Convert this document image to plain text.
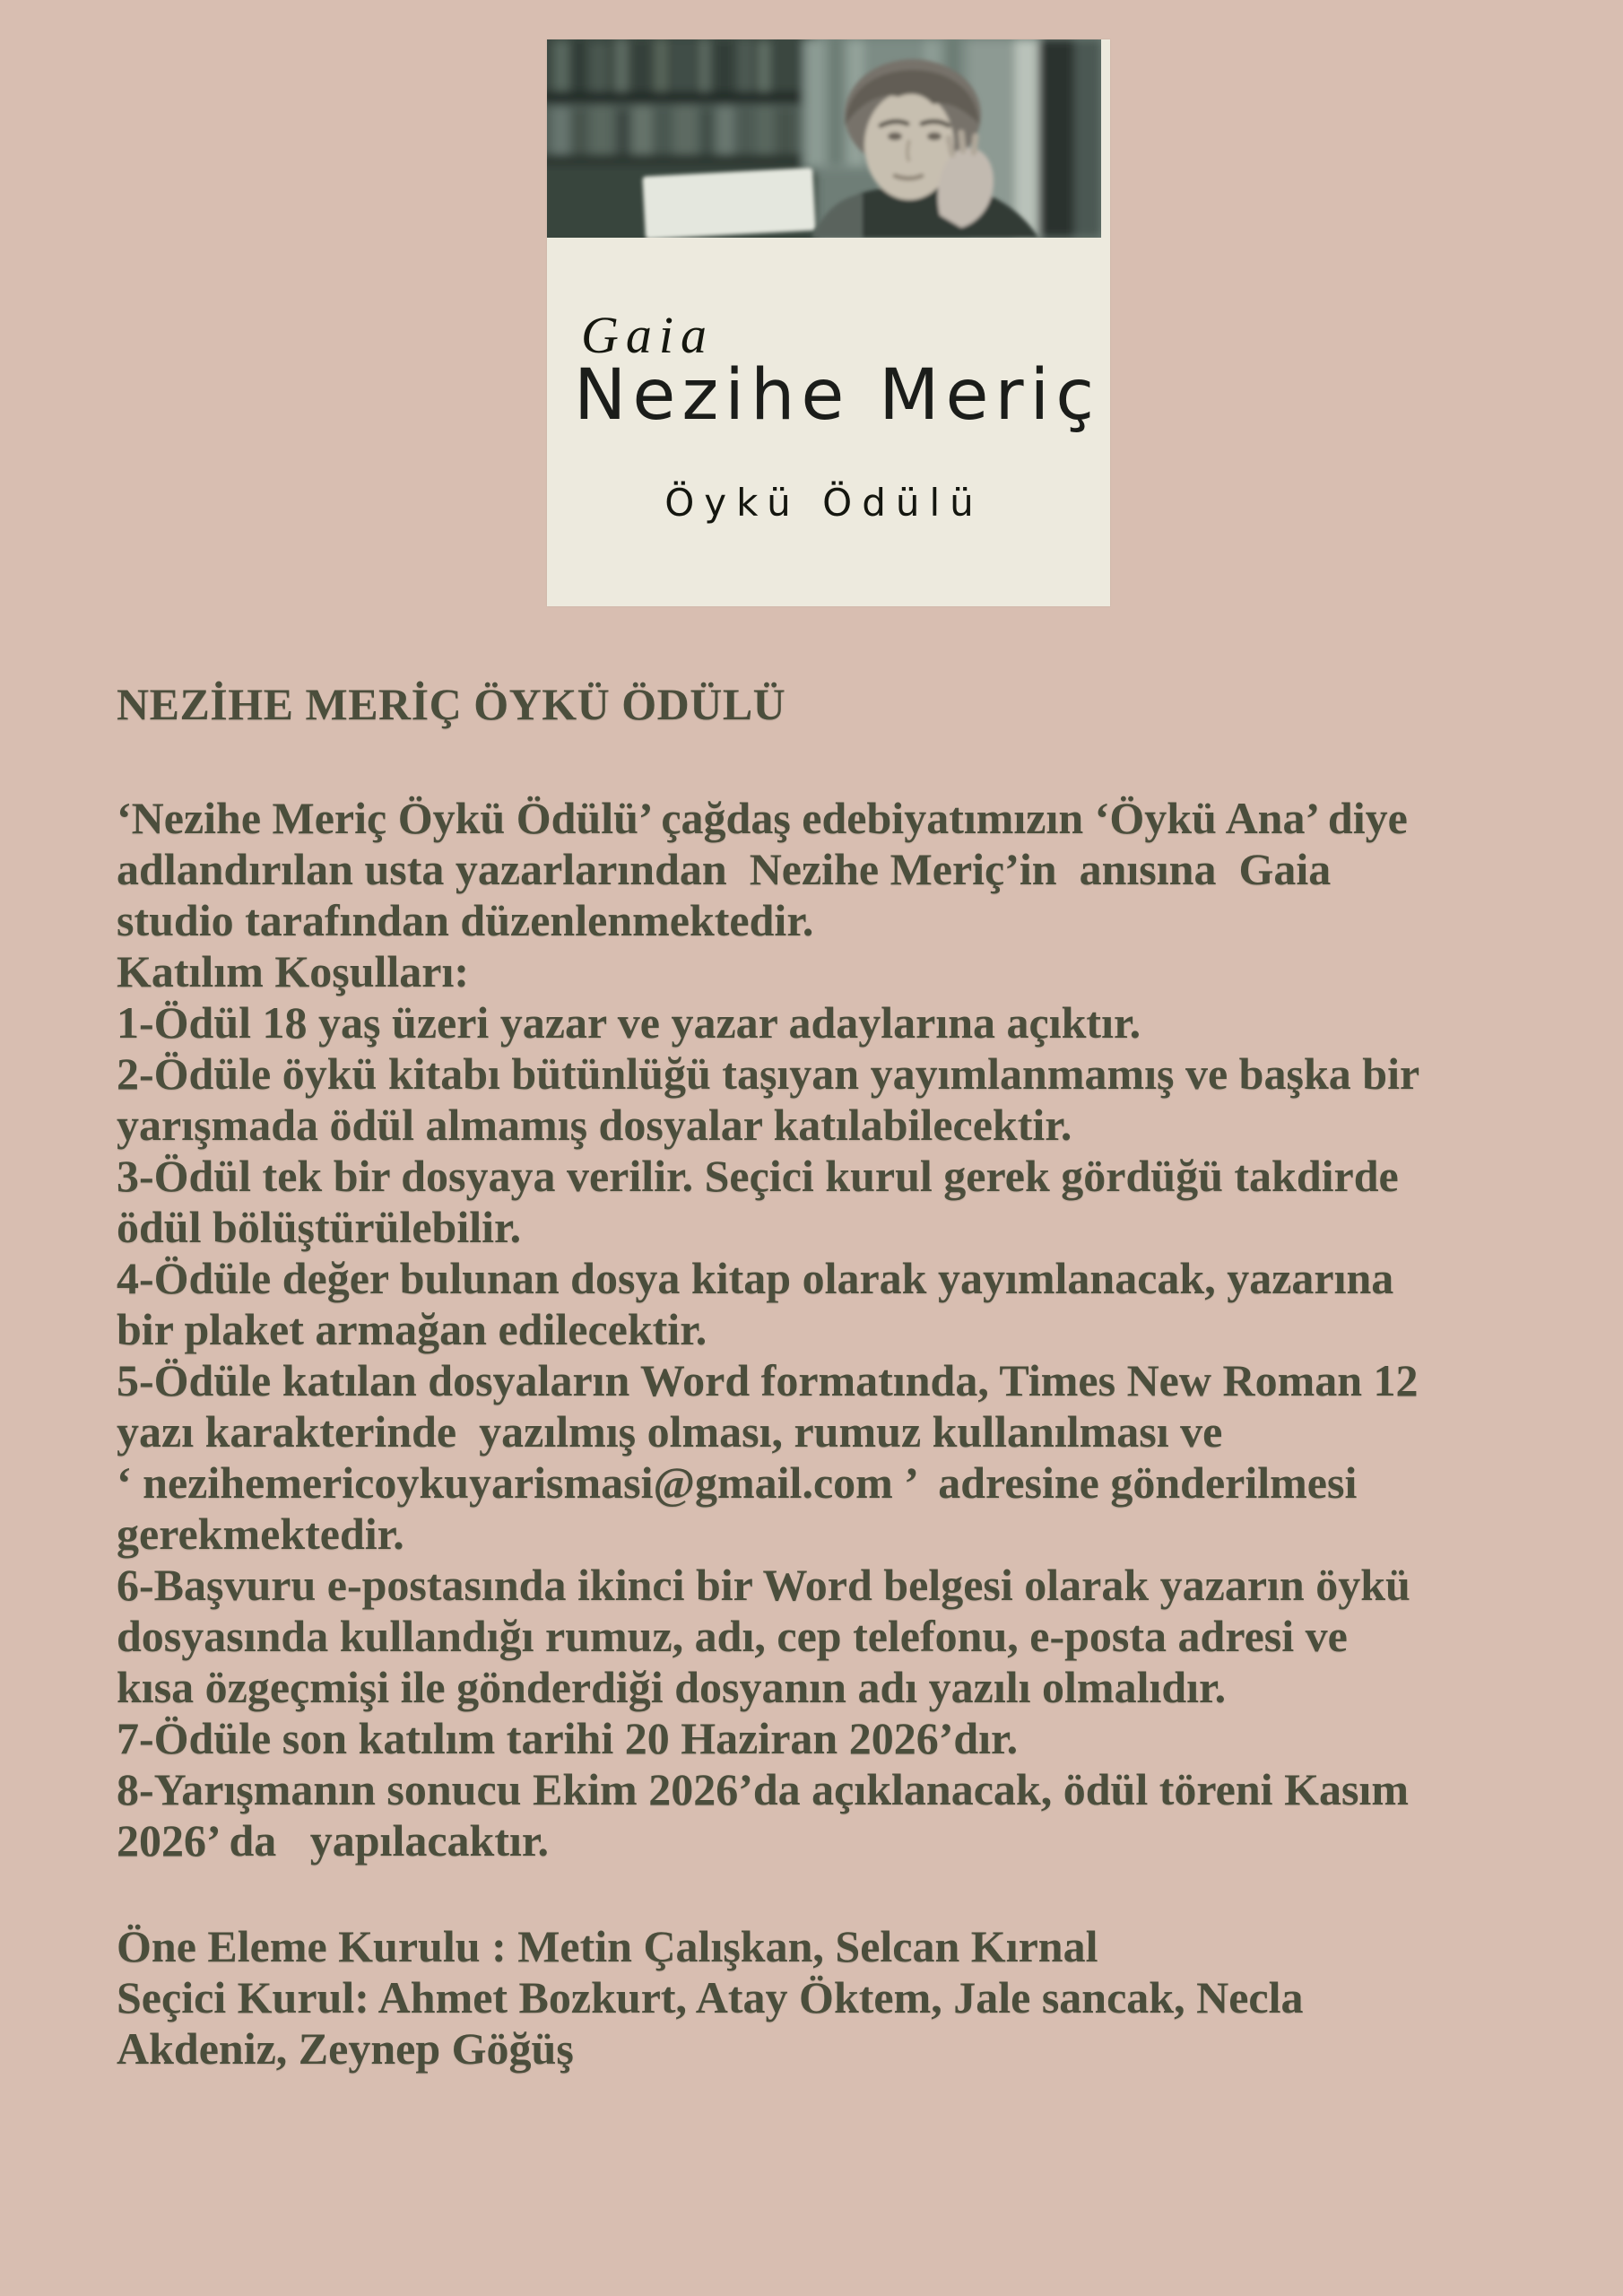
Gaia
Nezihe Meriç
Öykü Ödülü
NEZİHE MERİÇ ÖYKÜ ÖDÜLÜ
‘Nezihe Meriç Öykü Ödülü’ çağdaş edebiyatımızın ‘Öykü Ana’ diye
adlandırılan usta yazarlarından  Nezihe Meriç’in  anısına  Gaia
studio tarafından düzenlenmektedir.
Katılım Koşulları:
1-Ödül 18 yaş üzeri yazar ve yazar adaylarına açıktır.
2-Ödüle öykü kitabı bütünlüğü taşıyan yayımlanmamış ve başka bir
yarışmada ödül almamış dosyalar katılabilecektir.
3-Ödül tek bir dosyaya verilir. Seçici kurul gerek gördüğü takdirde
ödül bölüştürülebilir.
4-Ödüle değer bulunan dosya kitap olarak yayımlanacak, yazarına
bir plaket armağan edilecektir.
5-Ödüle katılan dosyaların Word formatında, Times New Roman 12
yazı karakterinde  yazılmış olması, rumuz kullanılması ve
‘ nezihemericoykuyarismasi@gmail.com ’  adresine gönderilmesi
gerekmektedir.
6-Başvuru e-postasında ikinci bir Word belgesi olarak yazarın öykü
dosyasında kullandığı rumuz, adı, cep telefonu, e-posta adresi ve
kısa özgeçmişi ile gönderdiği dosyanın adı yazılı olmalıdır.
7-Ödüle son katılım tarihi 20 Haziran 2026’dır.
8-Yarışmanın sonucu Ekim 2026’da açıklanacak, ödül töreni Kasım
2026’ da   yapılacaktır.
Öne Eleme Kurulu : Metin Çalışkan, Selcan Kırnal
Seçici Kurul: Ahmet Bozkurt, Atay Öktem, Jale sancak, Necla
Akdeniz, Zeynep Göğüş
